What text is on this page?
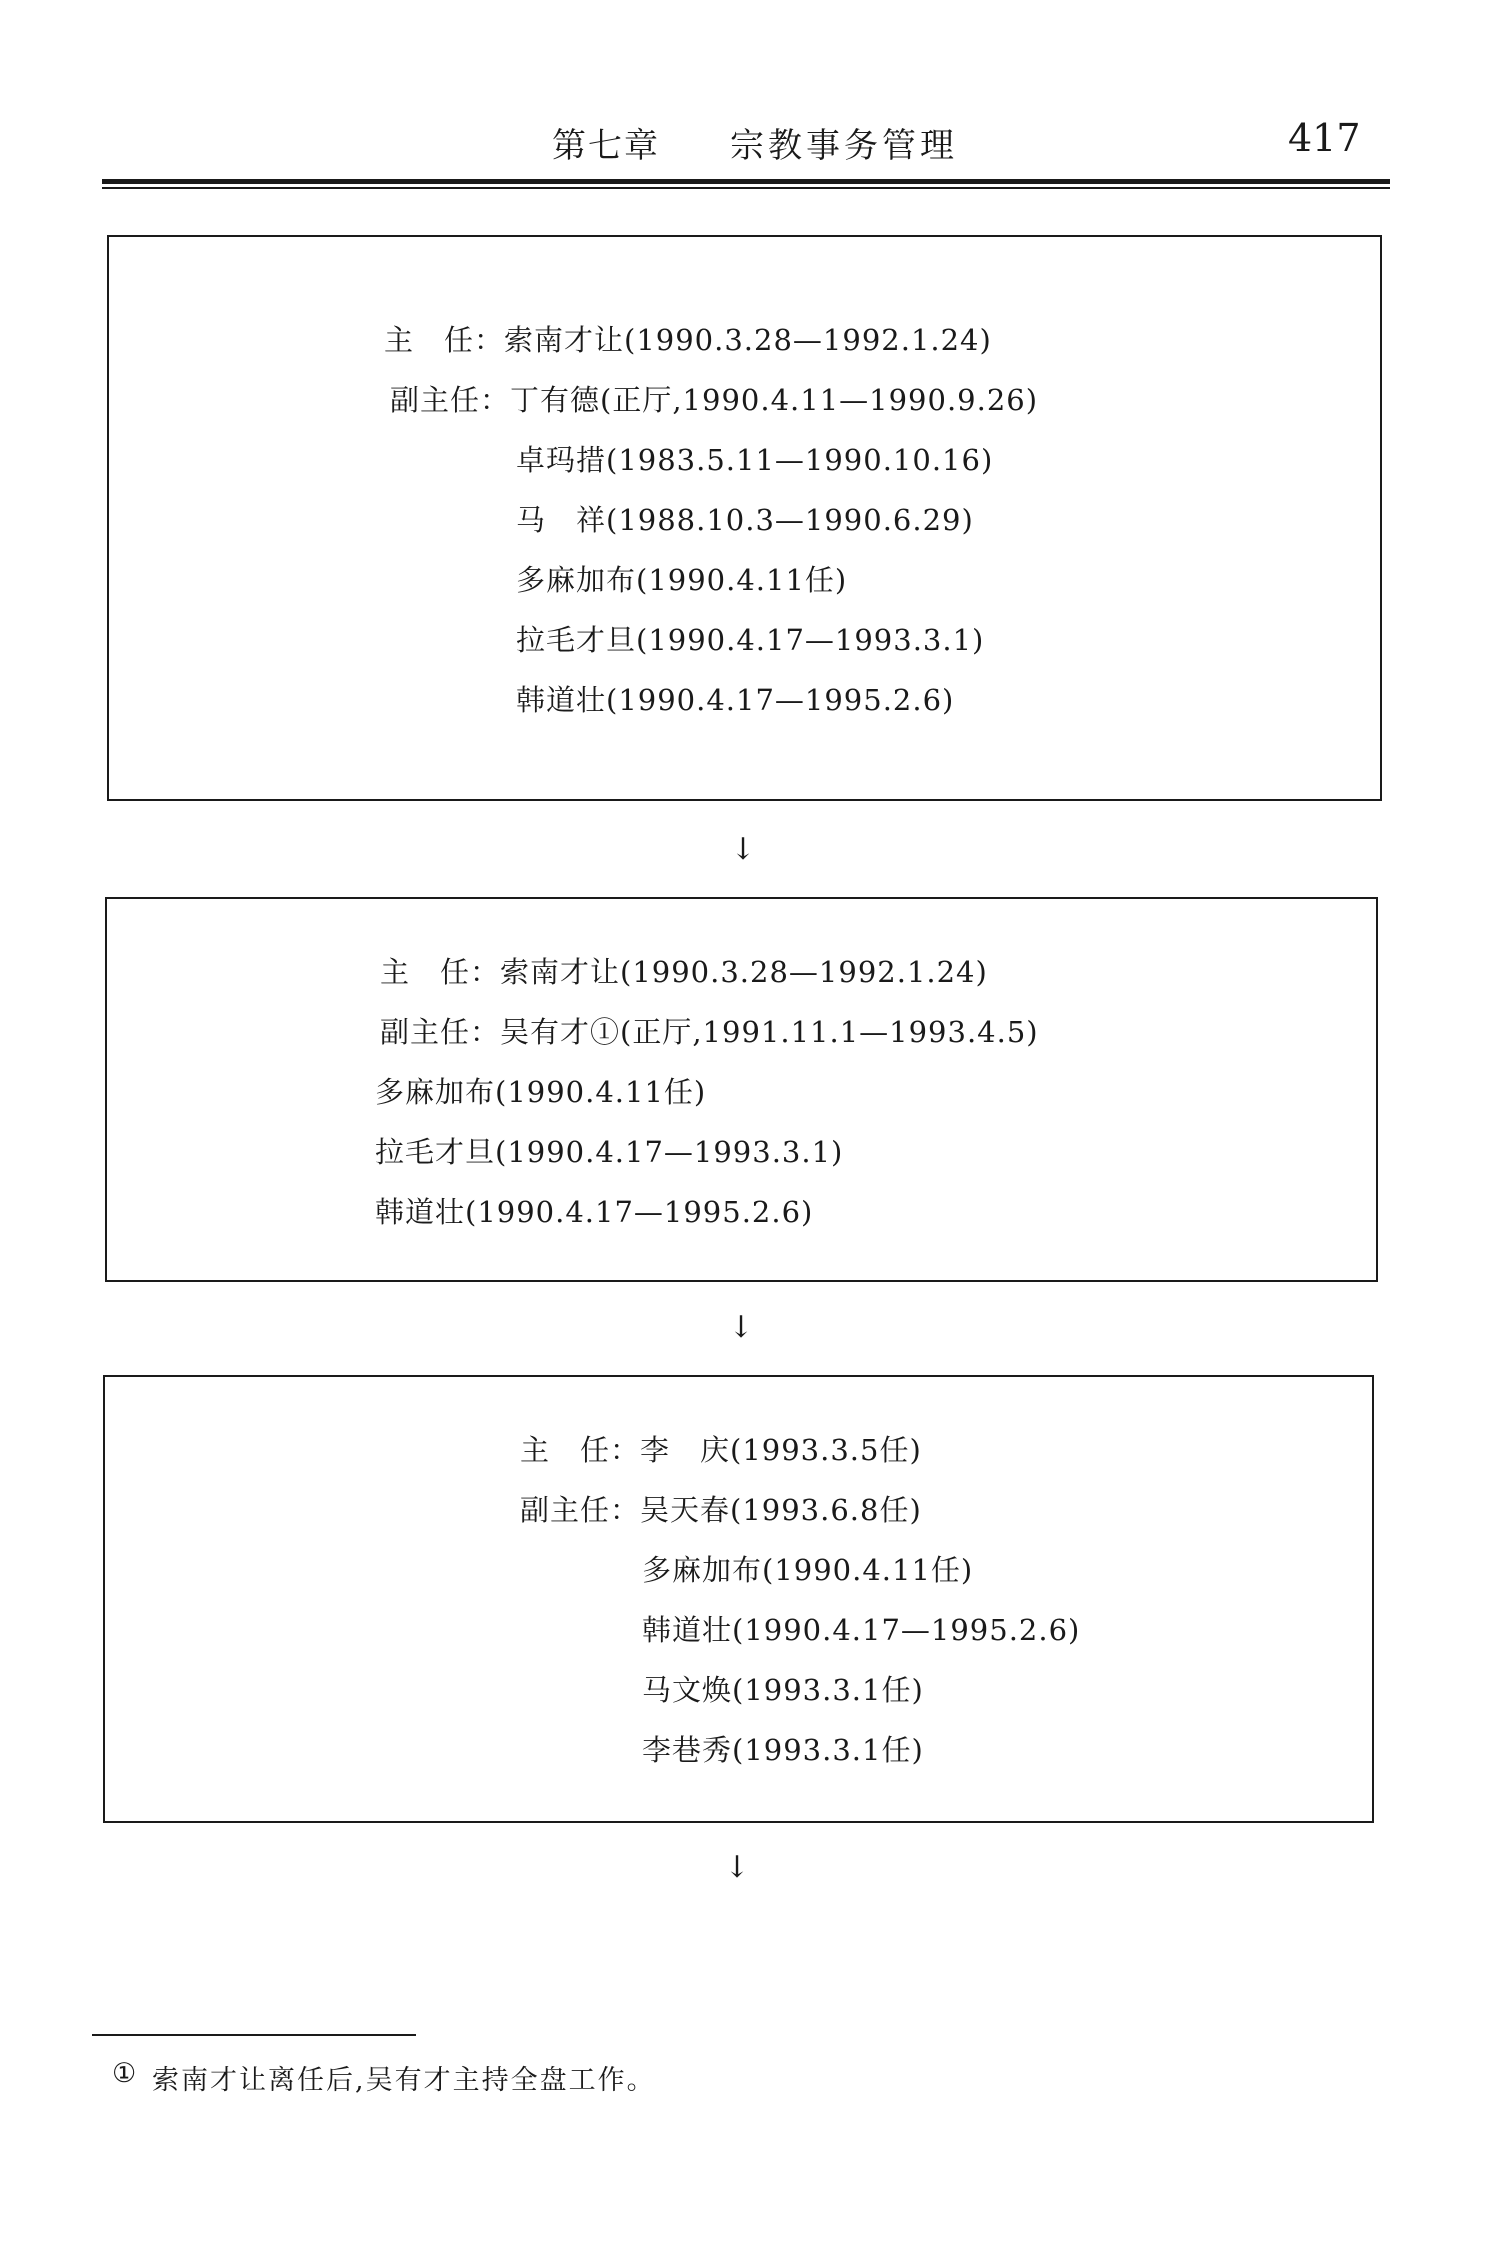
第七章 宗教事务管理	417
主　任：索南才让(1990.3.28—1992.1.24)
副主任：丁有德(正厅,1990.4.11—1990.9.26)
卓玛措(1983.5.11—1990.10.16)
马　祥(1988.10.3—1990.6.29)
多麻加布(1990.4.11任)
拉毛才旦(1990.4.17—1993.3.1)
韩道壮(1990.4.17—1995.2.6)
↓
主　任：索南才让(1990.3.28—1992.1.24)
副主任：吴有才①(正厅,1991.11.1—1993.4.5)
多麻加布(1990.4.11任)
拉毛才旦(1990.4.17—1993.3.1)
韩道壮(1990.4.17—1995.2.6)
↓
主　任：李　庆(1993.3.5任)
副主任：吴天春(1993.6.8任)
多麻加布(1990.4.11任)
韩道壮(1990.4.17—1995.2.6)
马文焕(1993.3.1任)
李巷秀(1993.3.1任)
↓
① 索南才让离任后,吴有才主持全盘工作。
